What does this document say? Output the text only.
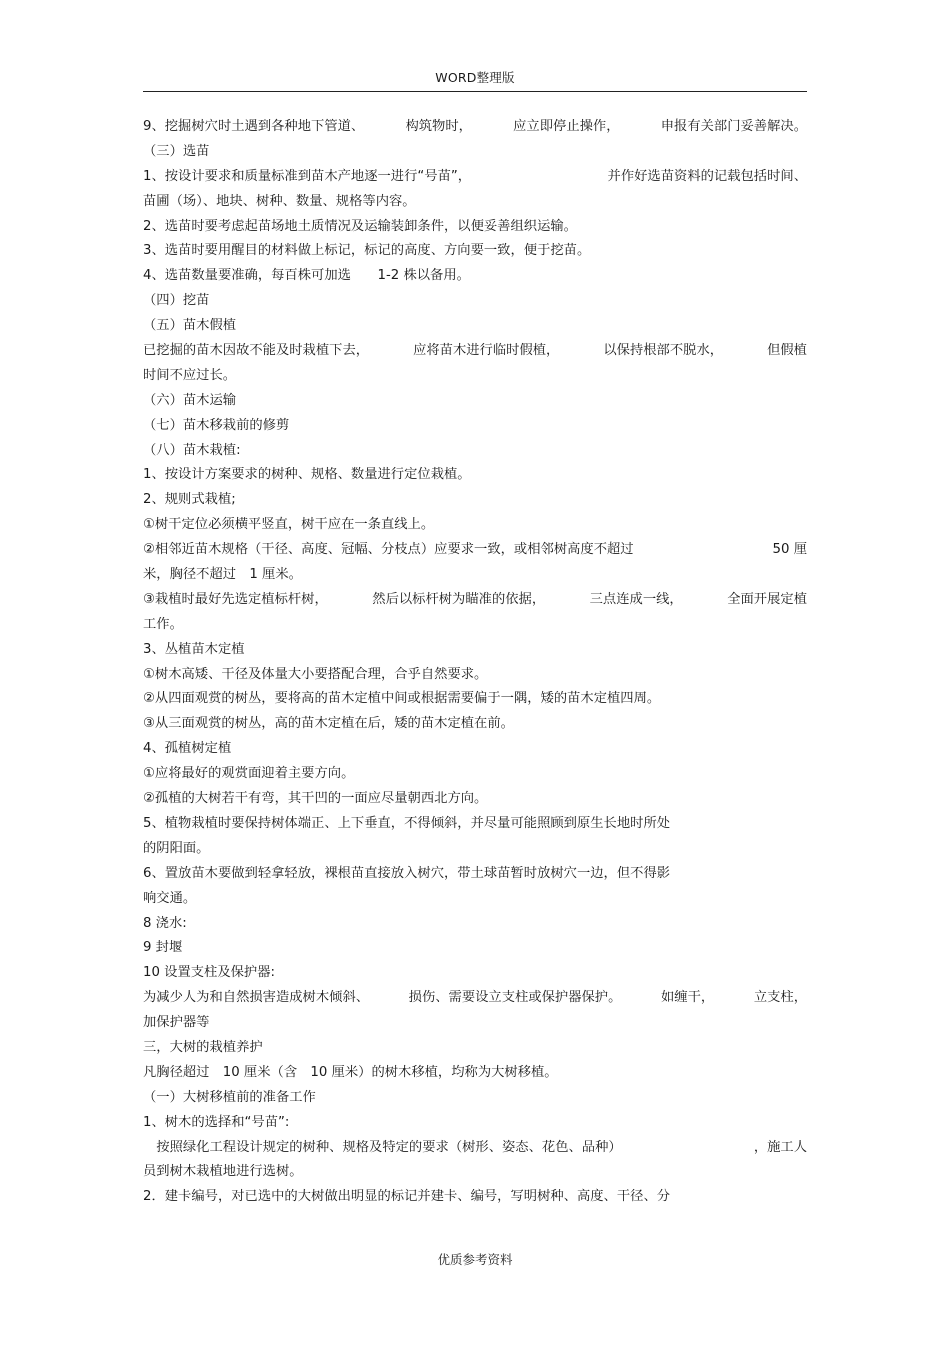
WORD整理版
9、挖掘树穴时土遇到各种地下管道、	构筑物时，	应立即停止操作，	申报有关部门妥善解决。
（三）选苗
1、按设计要求和质量标准到苗木产地逐一进行“号苗”，	并作好选苗资料的记载包括时间、
苗圃（场）、地块、树种、数量、规格等内容。
2、选苗时要考虑起苗场地土质情况及运输装卸条件，以便妥善组织运输。
3、选苗时要用醒目的材料做上标记，标记的高度、方向要一致，便于挖苗。
4、选苗数量要准确，每百株可加选　　1-2 株以备用。
（四）挖苗
（五）苗木假植
已挖掘的苗木因故不能及时栽植下去，	应将苗木进行临时假植，	以保持根部不脱水，	但假植
时间不应过长。
（六）苗木运输
（七）苗木移栽前的修剪
（八）苗木栽植:
1、按设计方案要求的树种、规格、数量进行定位栽植。
2、规则式栽植;
①树干定位必须横平竖直，树干应在一条直线上。
②相邻近苗木规格（干径、高度、冠幅、分枝点）应要求一致，或相邻树高度不超过	50 厘
米，胸径不超过　1 厘米。
③栽植时最好先选定植标杆树，	然后以标杆树为瞄准的依据，	三点连成一线，	全面开展定植
工作。
3、丛植苗木定植
①树木高矮、干径及体量大小要搭配合理，合乎自然要求。
②从四面观赏的树丛，要将高的苗木定植中间或根据需要偏于一隅，矮的苗木定植四周。
③从三面观赏的树丛，高的苗木定植在后，矮的苗木定植在前。
4、孤植树定植
①应将最好的观赏面迎着主要方向。
②孤植的大树若干有弯，其干凹的一面应尽量朝西北方向。
5、植物栽植时要保持树体端正、上下垂直，不得倾斜，并尽量可能照顾到原生长地时所处
的阴阳面。
6、置放苗木要做到轻拿轻放，裸根苗直接放入树穴，带土球苗暂时放树穴一边，但不得影
响交通。
8 浇水:
9 封堰
10 设置支柱及保护器:
为减少人为和自然损害造成树木倾斜、	损伤、需要设立支柱或保护器保护。	如缠干，	立支柱，
加保护器等
三，大树的栽植养护
凡胸径超过　10 厘米（含　10 厘米）的树木移植，均称为大树移植。
（一）大树移植前的准备工作
1、树木的选择和“号苗”:
　按照绿化工程设计规定的树种、规格及特定的要求（树形、姿态、花色、品种）	，施工人
员到树木栽植地进行选树。
2．建卡编号，对已选中的大树做出明显的标记并建卡、编号，写明树种、高度、干径、分
优质参考资料
